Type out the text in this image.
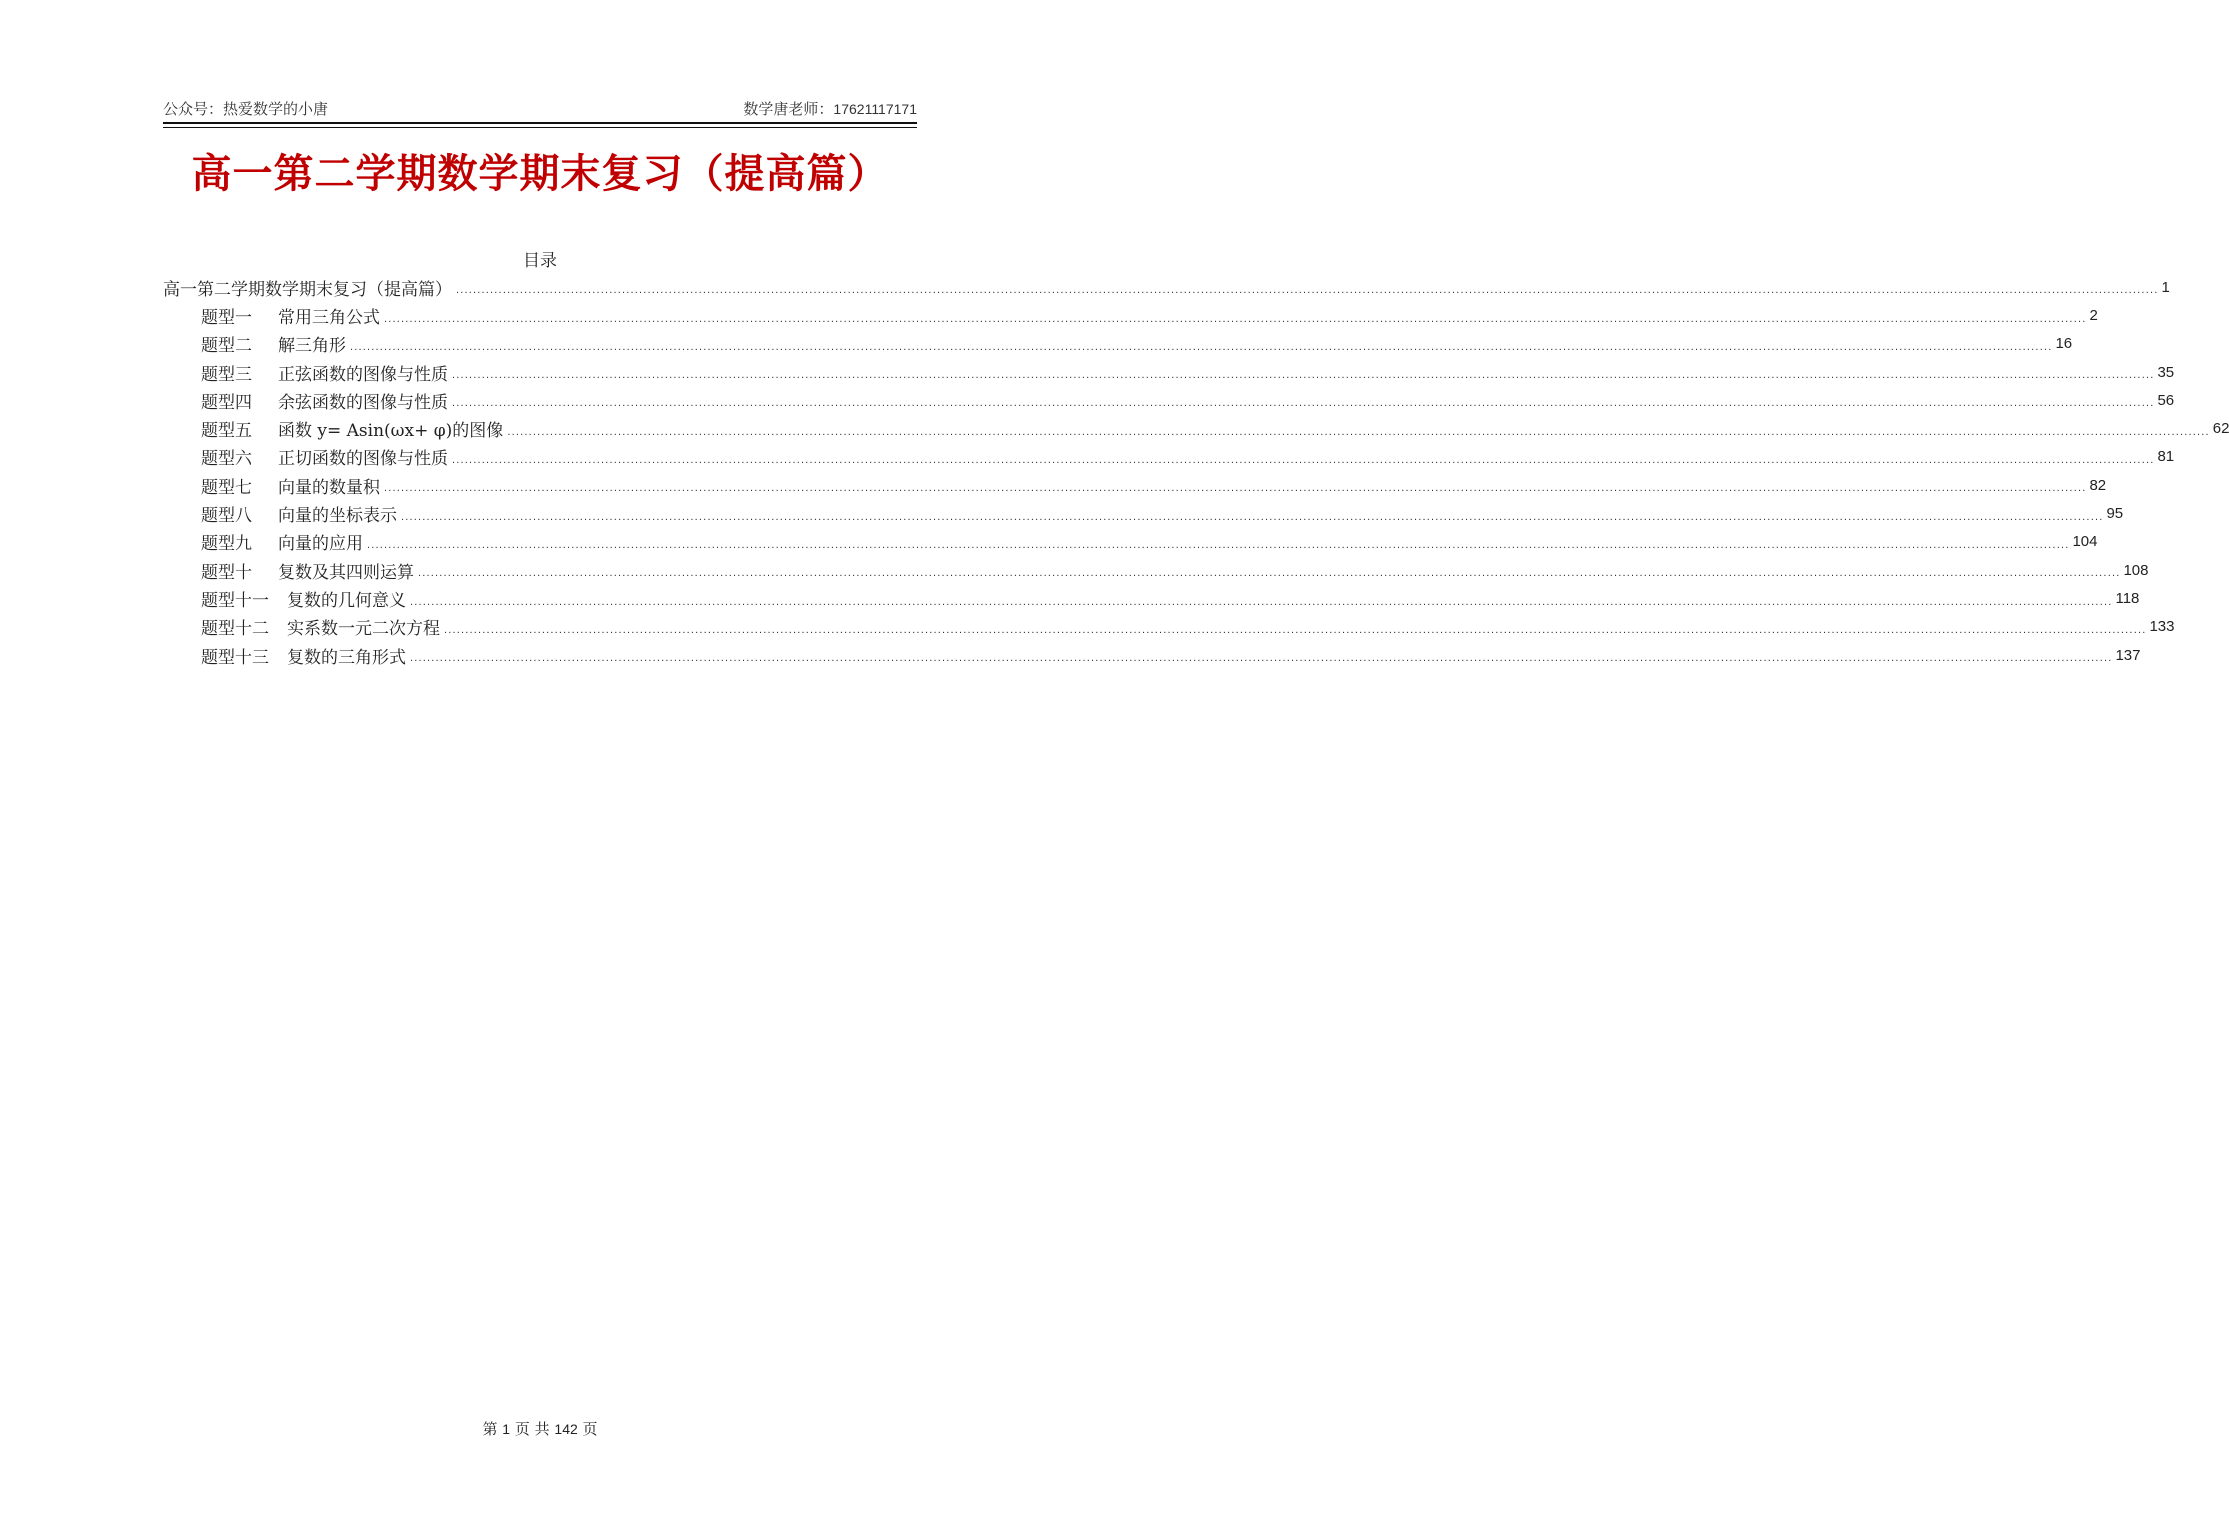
公众号：热爱数学的小唐	数学唐老师：17621117171
高一第二学期数学期末复习（提高篇）
目录
高一第二学期数学期末复习（提高篇） ................................................................................................................................................................................................................................................................................................................................................................................................................ 1
题型一 常用三角公式 ................................................................................................................................................................................................................................................................................................................................................................................................................ 2
题型二 解三角形 ................................................................................................................................................................................................................................................................................................................................................................................................................ 16
题型三 正弦函数的图像与性质 ................................................................................................................................................................................................................................................................................................................................................................................................................ 35
题型四 余弦函数的图像与性质 ................................................................................................................................................................................................................................................................................................................................................................................................................ 56
题型五 函数 y= Asin(ωx+ φ)的图像 ................................................................................................................................................................................................................................................................................................................................................................................................................ 62
题型六 正切函数的图像与性质 ................................................................................................................................................................................................................................................................................................................................................................................................................ 81
题型七 向量的数量积 ................................................................................................................................................................................................................................................................................................................................................................................................................ 82
题型八 向量的坐标表示 ................................................................................................................................................................................................................................................................................................................................................................................................................ 95
题型九 向量的应用 ................................................................................................................................................................................................................................................................................................................................................................................................................ 104
题型十 复数及其四则运算 ................................................................................................................................................................................................................................................................................................................................................................................................................ 108
题型十一 复数的几何意义 ................................................................................................................................................................................................................................................................................................................................................................................................................ 118
题型十二 实系数一元二次方程 ................................................................................................................................................................................................................................................................................................................................................................................................................ 133
题型十三 复数的三角形式 ................................................................................................................................................................................................................................................................................................................................................................................................................ 137
第 1 页 共 142 页
